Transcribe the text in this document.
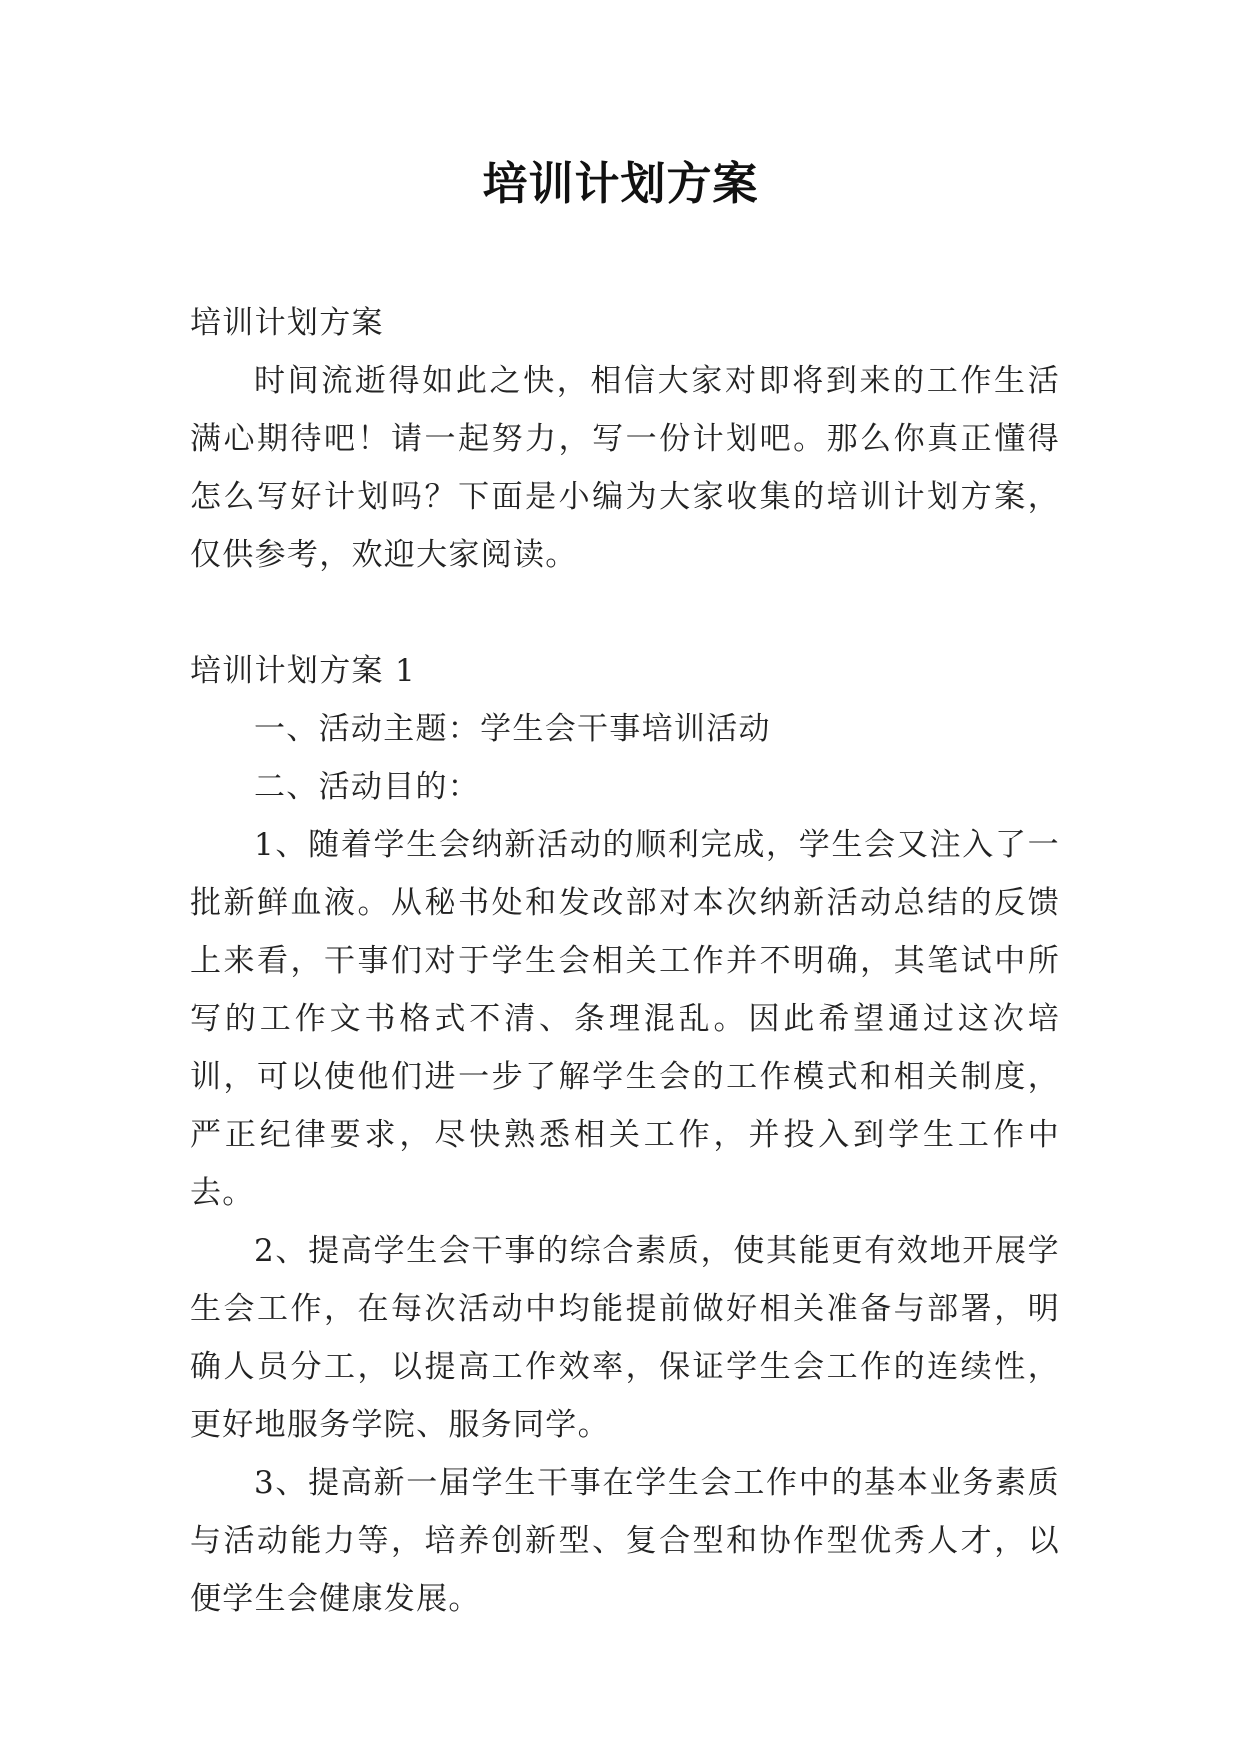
培训计划方案

培训计划方案

时间流逝得如此之快，相信大家对即将到来的工作生活满心期待吧！请一起努力，写一份计划吧。那么你真正懂得怎么写好计划吗？下面是小编为大家收集的培训计划方案，仅供参考，欢迎大家阅读。

培训计划方案 1

一、活动主题：学生会干事培训活动

二、活动目的：

1、随着学生会纳新活动的顺利完成，学生会又注入了一批新鲜血液。从秘书处和发改部对本次纳新活动总结的反馈上来看，干事们对于学生会相关工作并不明确，其笔试中所写的工作文书格式不清、条理混乱。因此希望通过这次培训，可以使他们进一步了解学生会的工作模式和相关制度，严正纪律要求，尽快熟悉相关工作，并投入到学生工作中去。

2、提高学生会干事的综合素质，使其能更有效地开展学生会工作，在每次活动中均能提前做好相关准备与部署，明确人员分工，以提高工作效率，保证学生会工作的连续性，更好地服务学院、服务同学。

3、提高新一届学生干事在学生会工作中的基本业务素质与活动能力等，培养创新型、复合型和协作型优秀人才，以便学生会健康发展。
